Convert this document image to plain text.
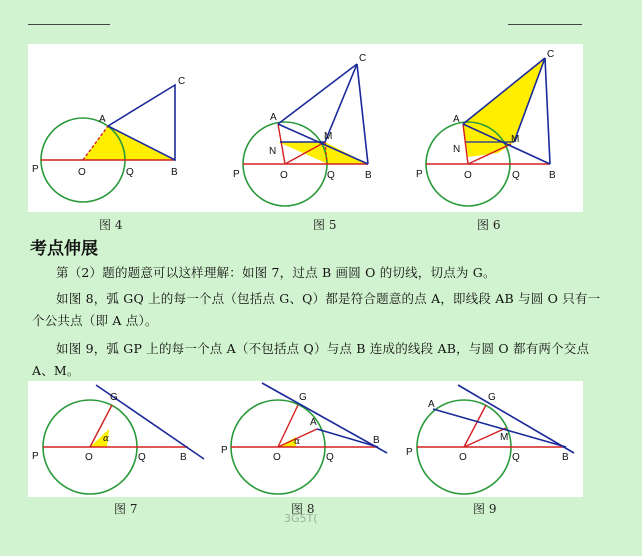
A
C
P	O	Q	B
A
C
N
M
P	O	Q	B
A
C
N
M
P	O	Q	B
图 4	图 5	图 6
考点伸展
第（2）题的题意可以这样理解：如图 7，过点 B 画圆 O 的切线，切点为 G。
如图 8，弧 GQ 上的每一个点（包括点 G、Q）都是符合题意的点 A，即线段 AB 与圆 O 只有一个公共点（即 A 点）。
如图 9，弧 GP 上的每一个点 A（不包括点 Q）与点 B 连成的线段 AB，与圆 O 都有两个交点 A、M。
G
α
P	O	Q	B
G
A
α
P
O	Q
B
A
G
M
P	O	Q	B
图 7	图 8	图 9
3G5T(
